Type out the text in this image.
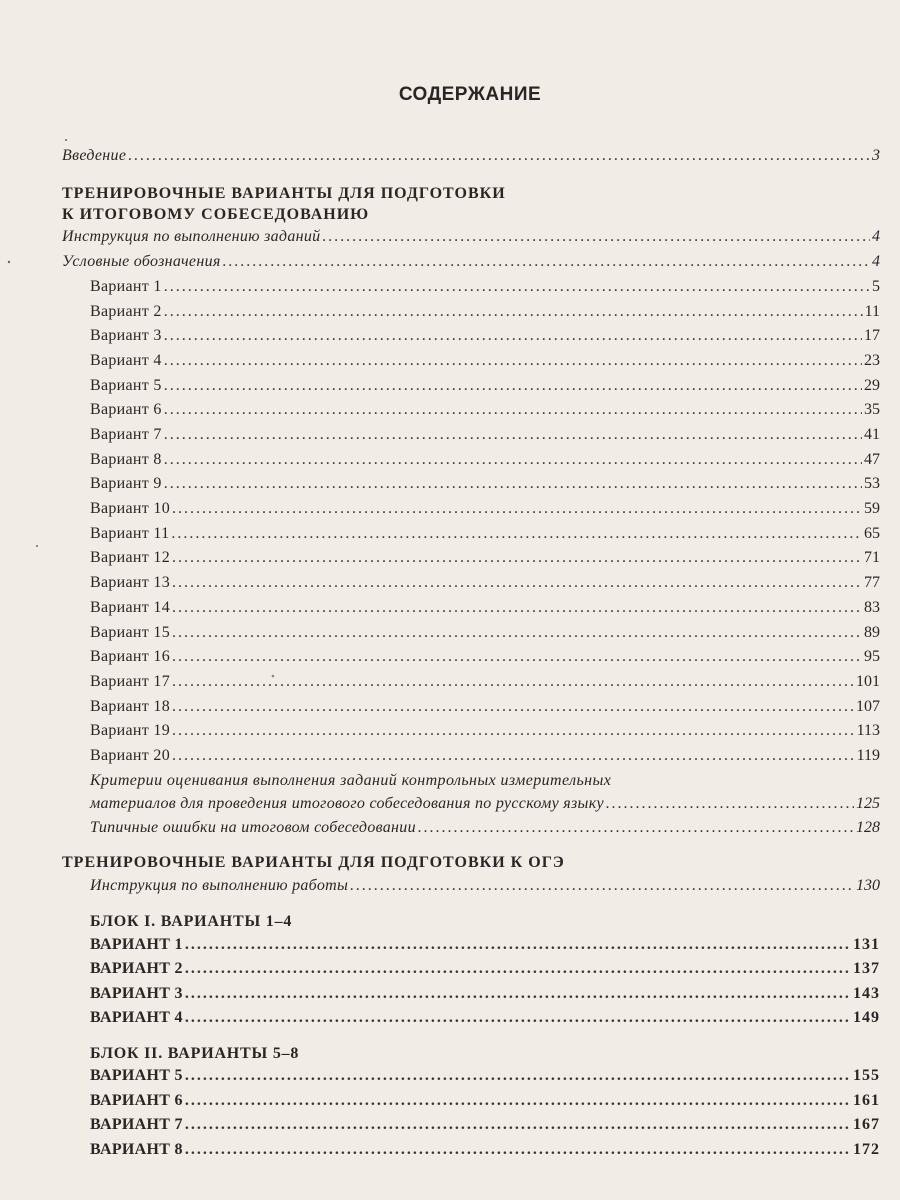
СОДЕРЖАНИЕ
Введение .....	3
ТРЕНИРОВОЧНЫЕ ВАРИАНТЫ ДЛЯ ПОДГОТОВКИ
К ИТОГОВОМУ СОБЕСЕДОВАНИЮ
Инструкция по выполнению заданий .....	4
Условные обозначения .....	4
Вариант 1 .....	5
Вариант 2 .....	11
Вариант 3 .....	17
Вариант 4 .....	23
Вариант 5 .....	29
Вариант 6 .....	35
Вариант 7 .....	41
Вариант 8 .....	47
Вариант 9 .....	53
Вариант 10 .....	59
Вариант 11 .....	65
Вариант 12 .....	71
Вариант 13 .....	77
Вариант 14 .....	83
Вариант 15 .....	89
Вариант 16 .....	95
Вариант 17 .....	101
Вариант 18 .....	107
Вариант 19 .....	113
Вариант 20 .....	119
Критерии оценивания выполнения заданий контрольных измерительных
материалов для проведения итогового собеседования по русскому языку .....	125
Типичные ошибки на итоговом собеседовании .....	128
ТРЕНИРОВОЧНЫЕ ВАРИАНТЫ ДЛЯ ПОДГОТОВКИ К ОГЭ
Инструкция по выполнению работы .....	130
БЛОК I. ВАРИАНТЫ 1–4
ВАРИАНТ 1 .....	131
ВАРИАНТ 2 .....	137
ВАРИАНТ 3 .....	143
ВАРИАНТ 4 .....	149
БЛОК II. ВАРИАНТЫ 5–8
ВАРИАНТ 5 .....	155
ВАРИАНТ 6 .....	161
ВАРИАНТ 7 .....	167
ВАРИАНТ 8 .....	172
